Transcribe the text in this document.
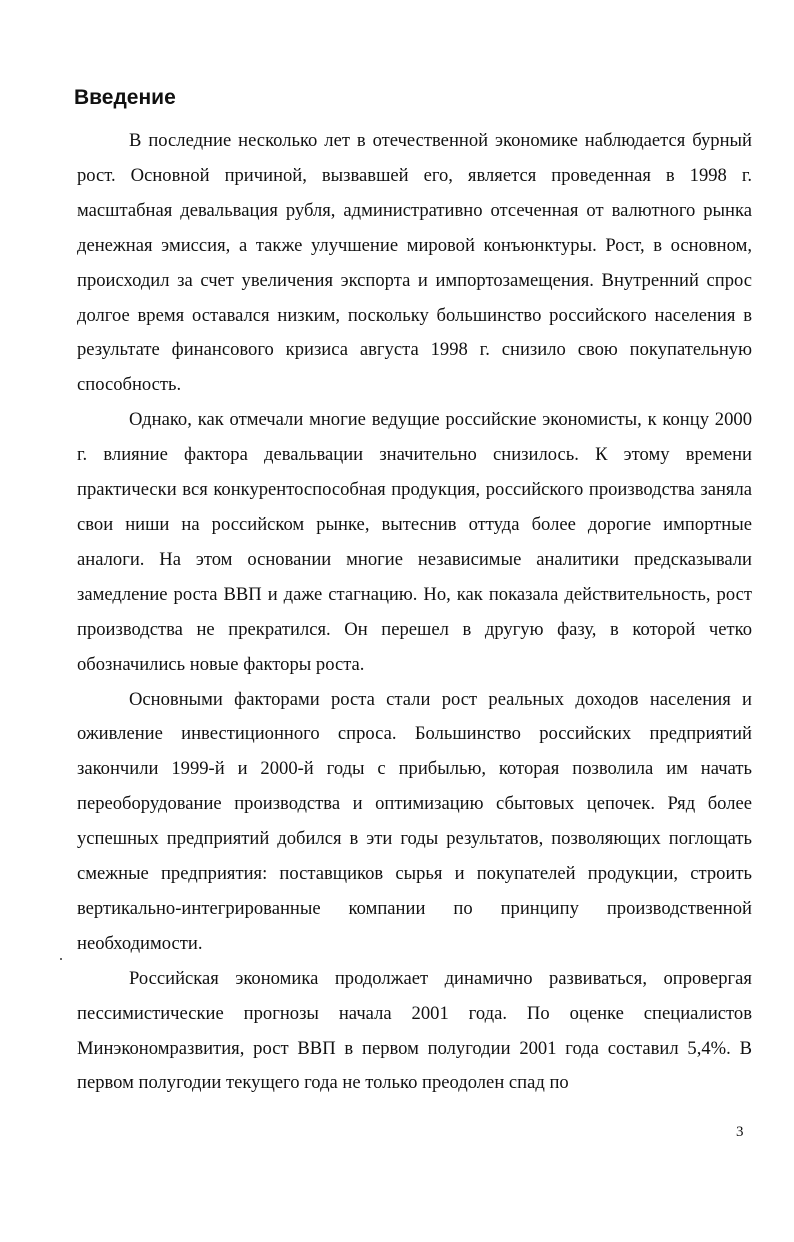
Введение

В последние несколько лет в отечественной экономике наблюдается бурный рост. Основной причиной, вызвавшей его, является проведенная в 1998 г. масштабная девальвация рубля, административно отсеченная от валютного рынка денежная эмиссия, а также улучшение мировой конъюнктуры. Рост, в основном, происходил за счет увеличения экспорта и импортозамещения. Внутренний спрос долгое время оставался низким, поскольку большинство российского населения в результате финансового кризиса августа 1998 г. снизило свою покупательную способность.

Однако, как отмечали многие ведущие российские экономисты, к концу 2000 г. влияние фактора девальвации значительно снизилось. К этому времени практически вся конкурентоспособная продукция, российского производства заняла свои ниши на российском рынке, вытеснив оттуда более дорогие импортные аналоги. На этом основании многие независимые аналитики предсказывали замедление роста ВВП и даже стагнацию. Но, как показала действительность, рост производства не прекратился. Он перешел в другую фазу, в которой четко обозначились новые факторы роста.

Основными факторами роста стали рост реальных доходов населения и оживление инвестиционного спроса. Большинство российских предприятий закончили 1999-й и 2000-й годы с прибылью, которая позволила им начать переоборудование производства и оптимизацию сбытовых цепочек. Ряд более успешных предприятий добился в эти годы результатов, позволяющих поглощать смежные предприятия: поставщиков сырья и покупателей продукции, строить вертикально-интегрированные компании по принципу производственной необходимости.

Российская экономика продолжает динамично развиваться, опровергая пессимистические прогнозы начала 2001 года. По оценке специалистов Минэкономразвития, рост ВВП в первом полугодии 2001 года составил 5,4%. В первом полугодии текущего года не только преодолен спад по

3
